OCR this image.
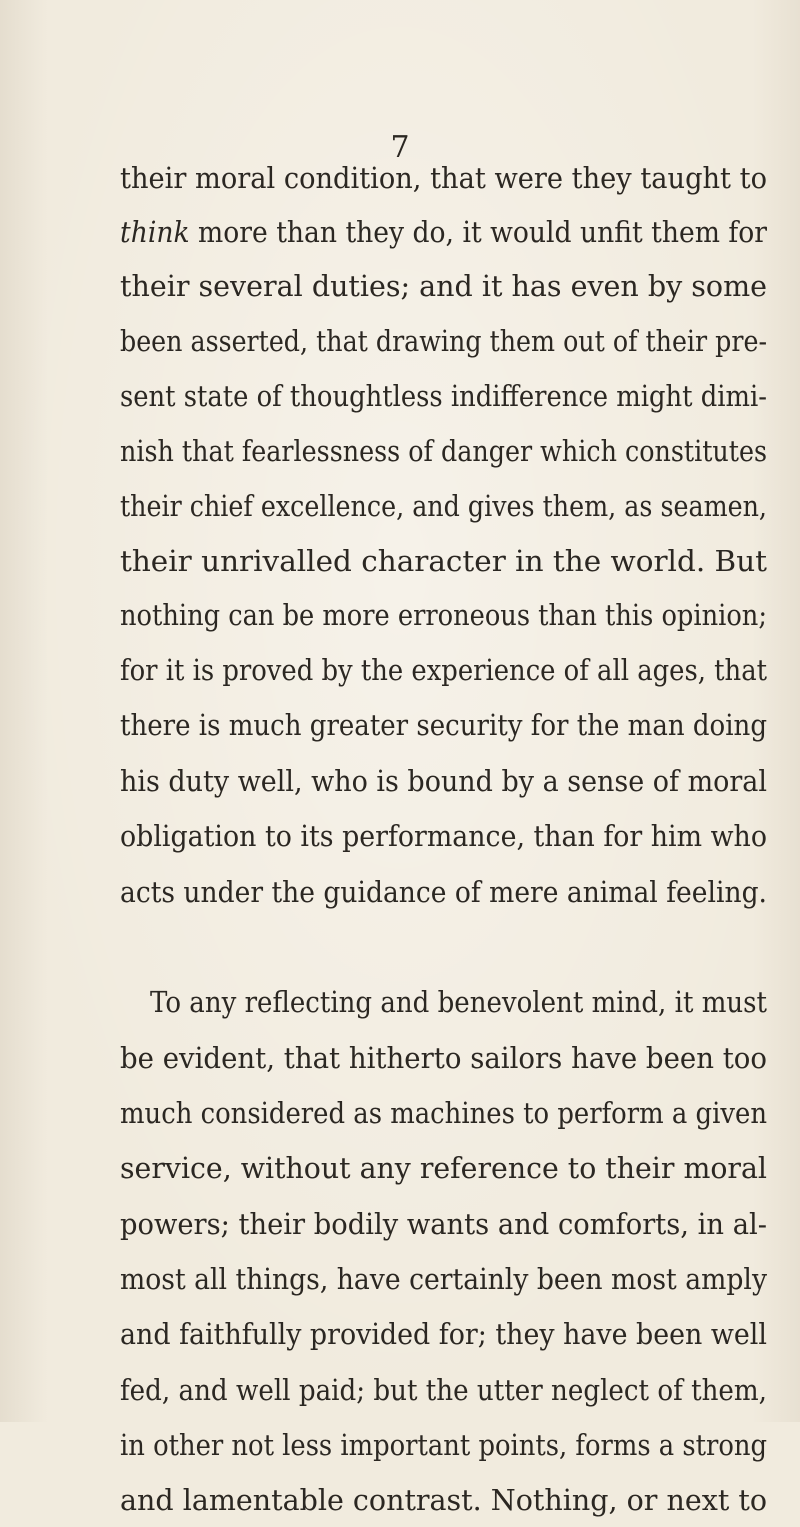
7
their moral condition, that were they taught to
think more than they do, it would unfit them for
their several duties; and it has even by some
been asserted, that drawing them out of their pre-
sent state of thoughtless indifference might dimi-
nish that fearlessness of danger which constitutes
their chief excellence, and gives them, as seamen,
their unrivalled character in the world. But
nothing can be more erroneous than this opinion;
for it is proved by the experience of all ages, that
there is much greater security for the man doing
his duty well, who is bound by a sense of moral
obligation to its performance, than for him who
acts under the guidance of mere animal feeling.
To any reflecting and benevolent mind, it must
be evident, that hitherto sailors have been too
much considered as machines to perform a given
service, without any reference to their moral
powers; their bodily wants and comforts, in al-
most all things, have certainly been most amply
and faithfully provided for; they have been well
fed, and well paid; but the utter neglect of them,
in other not less important points, forms a strong
and lamentable contrast. Nothing, or next to
